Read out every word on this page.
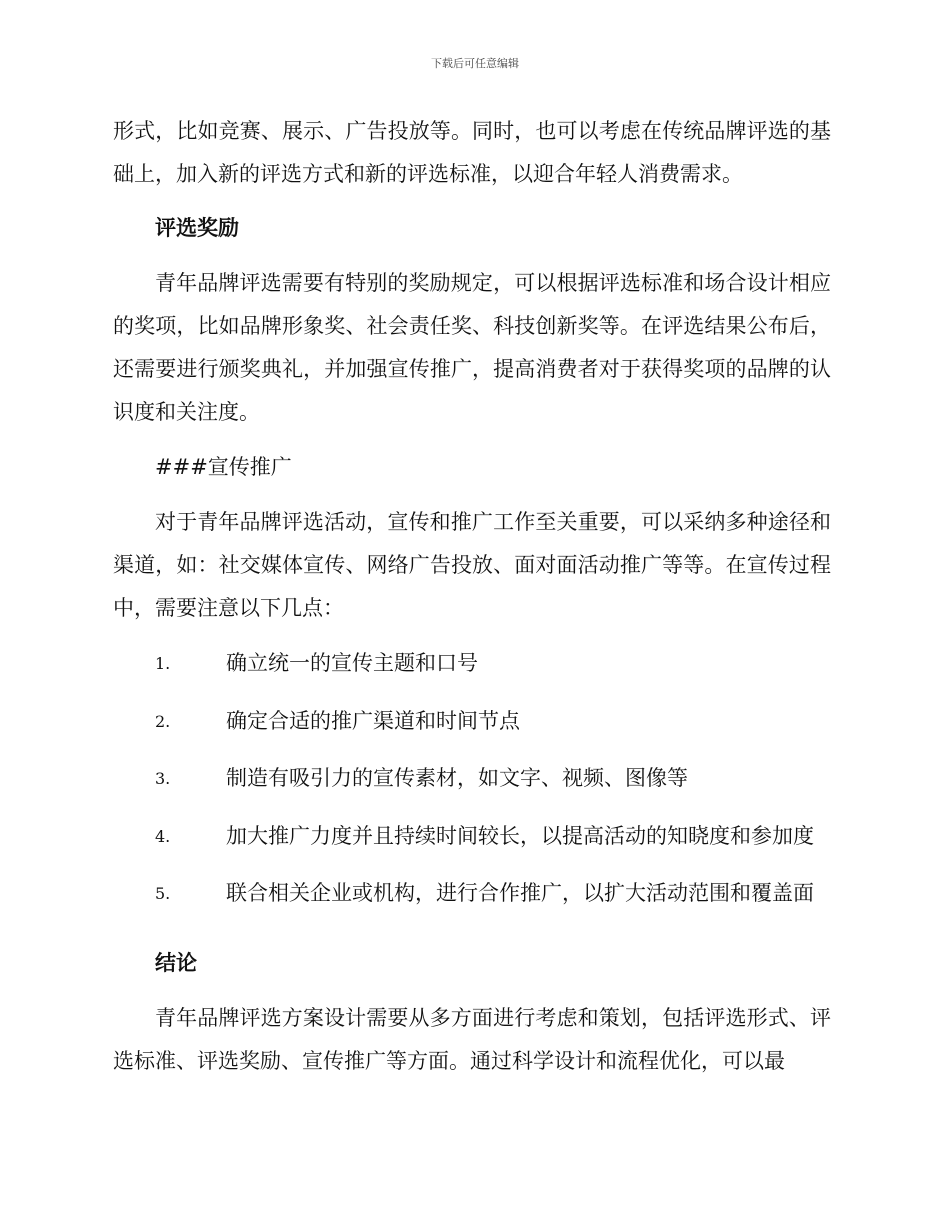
下载后可任意编辑

形式，比如竞赛、展示、广告投放等。同时，也可以考虑在传统品牌评选的基础上，加入新的评选方式和新的评选标准，以迎合年轻人消费需求。

评选奖励

青年品牌评选需要有特别的奖励规定，可以根据评选标准和场合设计相应的奖项，比如品牌形象奖、社会责任奖、科技创新奖等。在评选结果公布后，还需要进行颁奖典礼，并加强宣传推广，提高消费者对于获得奖项的品牌的认识度和关注度。

###宣传推广

对于青年品牌评选活动，宣传和推广工作至关重要，可以采纳多种途径和渠道，如：社交媒体宣传、网络广告投放、面对面活动推广等等。在宣传过程中，需要注意以下几点：

1.	确立统一的宣传主题和口号
2.	确定合适的推广渠道和时间节点
3.	制造有吸引力的宣传素材，如文字、视频、图像等
4.	加大推广力度并且持续时间较长，以提高活动的知晓度和参加度
5.	联合相关企业或机构，进行合作推广，以扩大活动范围和覆盖面
结论

青年品牌评选方案设计需要从多方面进行考虑和策划，包括评选形式、评选标准、评选奖励、宣传推广等方面。通过科学设计和流程优化，可以最
